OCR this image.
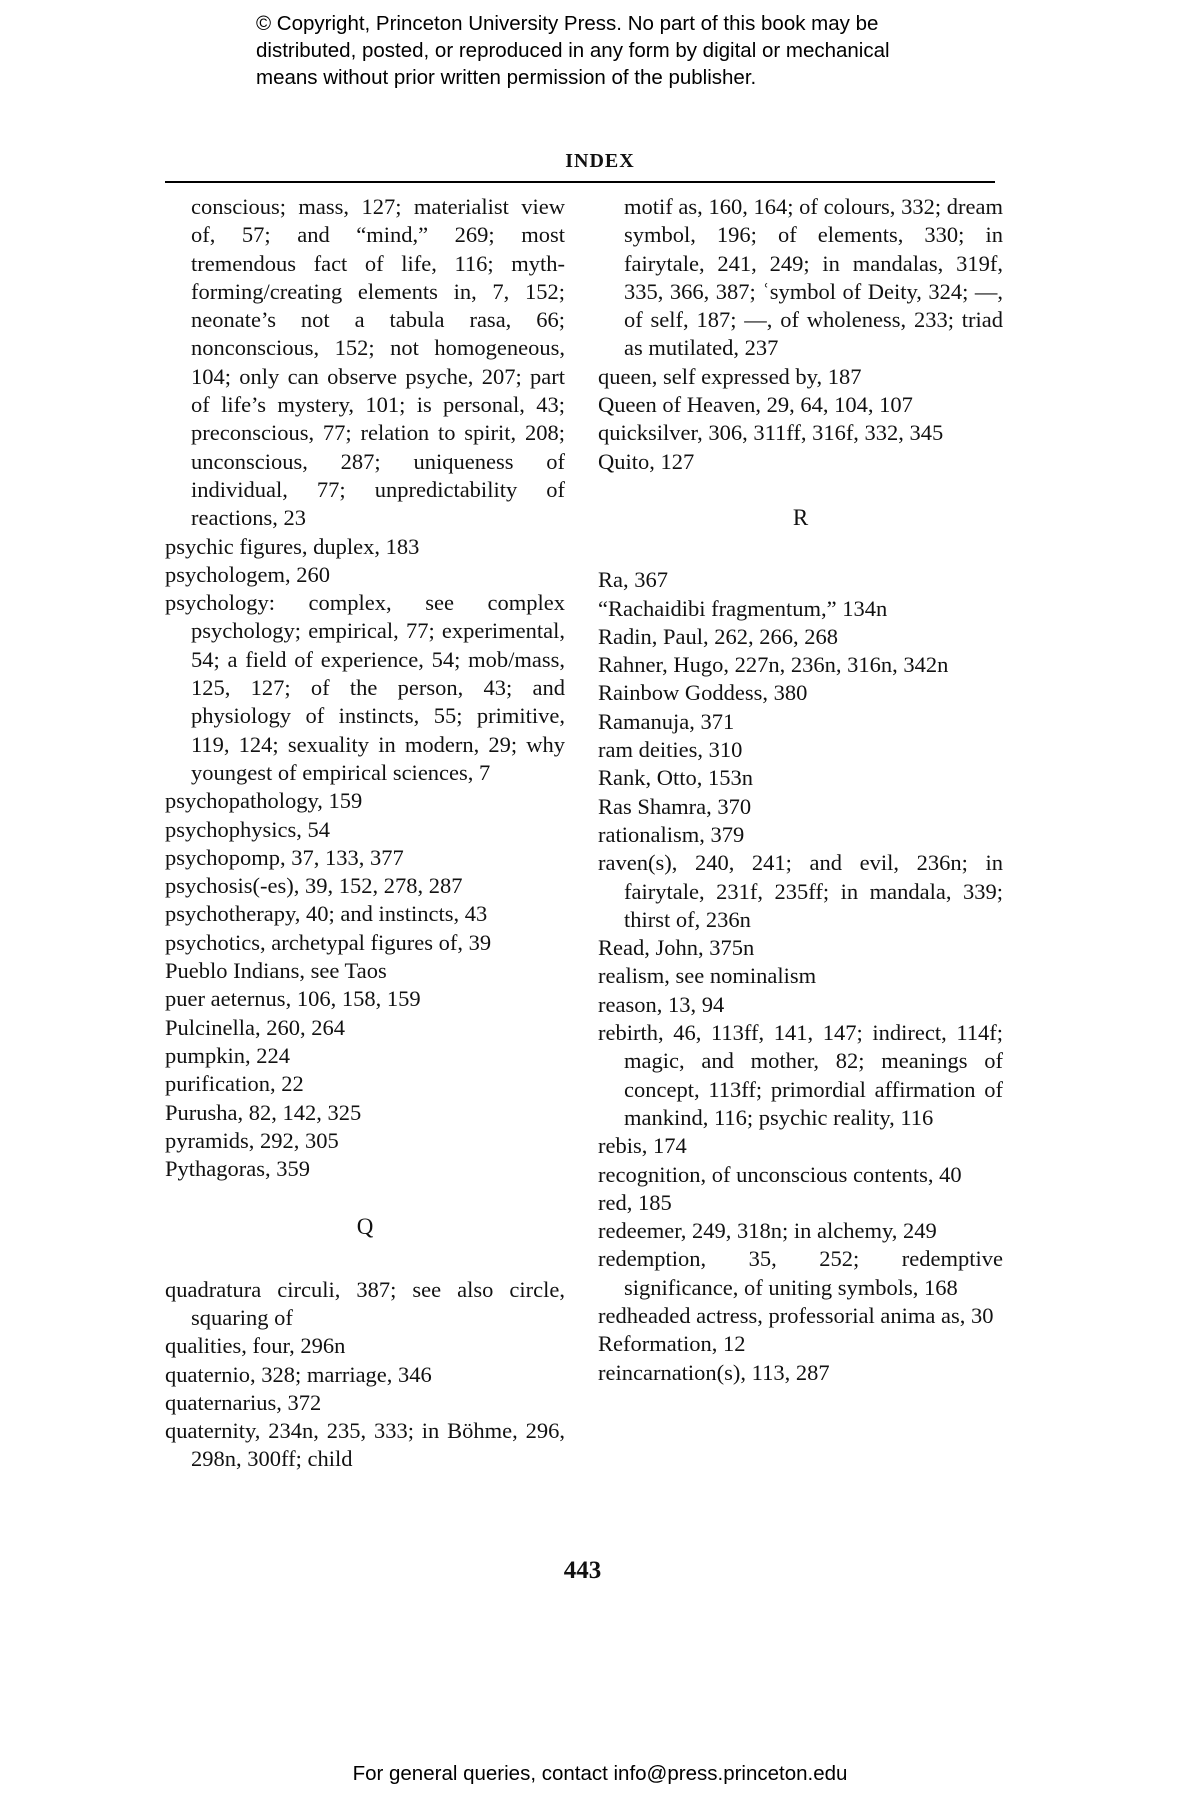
© Copyright, Princeton University Press. No part of this book may be
distributed, posted, or reproduced in any form by digital or mechanical
means without prior written permission of the publisher.
INDEX
conscious; mass, 127; materialist view of, 57; and “mind,” 269; most tremendous fact of life, 116; myth-forming/creating elements in, 7, 152; neonate’s not a tabula rasa, 66; nonconscious, 152; not homogeneous, 104; only can observe psyche, 207; part of life’s mystery, 101; is personal, 43; preconscious, 77; relation to spirit, 208; unconscious, 287; uniqueness of individual, 77; unpredictability of reactions, 23
psychic figures, duplex, 183
psychologem, 260
psychology: complex, see complex psychology; empirical, 77; experimental, 54; a field of experience, 54; mob/mass, 125, 127; of the person, 43; and physiology of instincts, 55; primitive, 119, 124; sexuality in modern, 29; why youngest of empirical sciences, 7
psychopathology, 159
psychophysics, 54
psychopomp, 37, 133, 377
psychosis(-es), 39, 152, 278, 287
psychotherapy, 40; and instincts, 43
psychotics, archetypal figures of, 39
Pueblo Indians, see Taos
puer aeternus, 106, 158, 159
Pulcinella, 260, 264
pumpkin, 224
purification, 22
Purusha, 82, 142, 325
pyramids, 292, 305
Pythagoras, 359
Q
quadratura circuli, 387; see also circle, squaring of
qualities, four, 296n
quaternio, 328; marriage, 346
quaternarius, 372
quaternity, 234n, 235, 333; in Böhme, 296, 298n, 300ff; child
motif as, 160, 164; of colours, 332; dream symbol, 196; of elements, 330; in fairytale, 241, 249; in mandalas, 319f, 335, 366, 387; ʿsymbol of Deity, 324; —, of self, 187; —, of wholeness, 233; triad as mutilated, 237
queen, self expressed by, 187
Queen of Heaven, 29, 64, 104, 107
quicksilver, 306, 311ff, 316f, 332, 345
Quito, 127
R
Ra, 367
“Rachaidibi fragmentum,” 134n
Radin, Paul, 262, 266, 268
Rahner, Hugo, 227n, 236n, 316n, 342n
Rainbow Goddess, 380
Ramanuja, 371
ram deities, 310
Rank, Otto, 153n
Ras Shamra, 370
rationalism, 379
raven(s), 240, 241; and evil, 236n; in fairytale, 231f, 235ff; in mandala, 339; thirst of, 236n
Read, John, 375n
realism, see nominalism
reason, 13, 94
rebirth, 46, 113ff, 141, 147; indirect, 114f; magic, and mother, 82; meanings of concept, 113ff; primordial affirmation of mankind, 116; psychic reality, 116
rebis, 174
recognition, of unconscious contents, 40
red, 185
redeemer, 249, 318n; in alchemy, 249
redemption, 35, 252; redemptive significance, of uniting symbols, 168
redheaded actress, professorial anima as, 30
Reformation, 12
reincarnation(s), 113, 287
443
For general queries, contact info@press.princeton.edu
